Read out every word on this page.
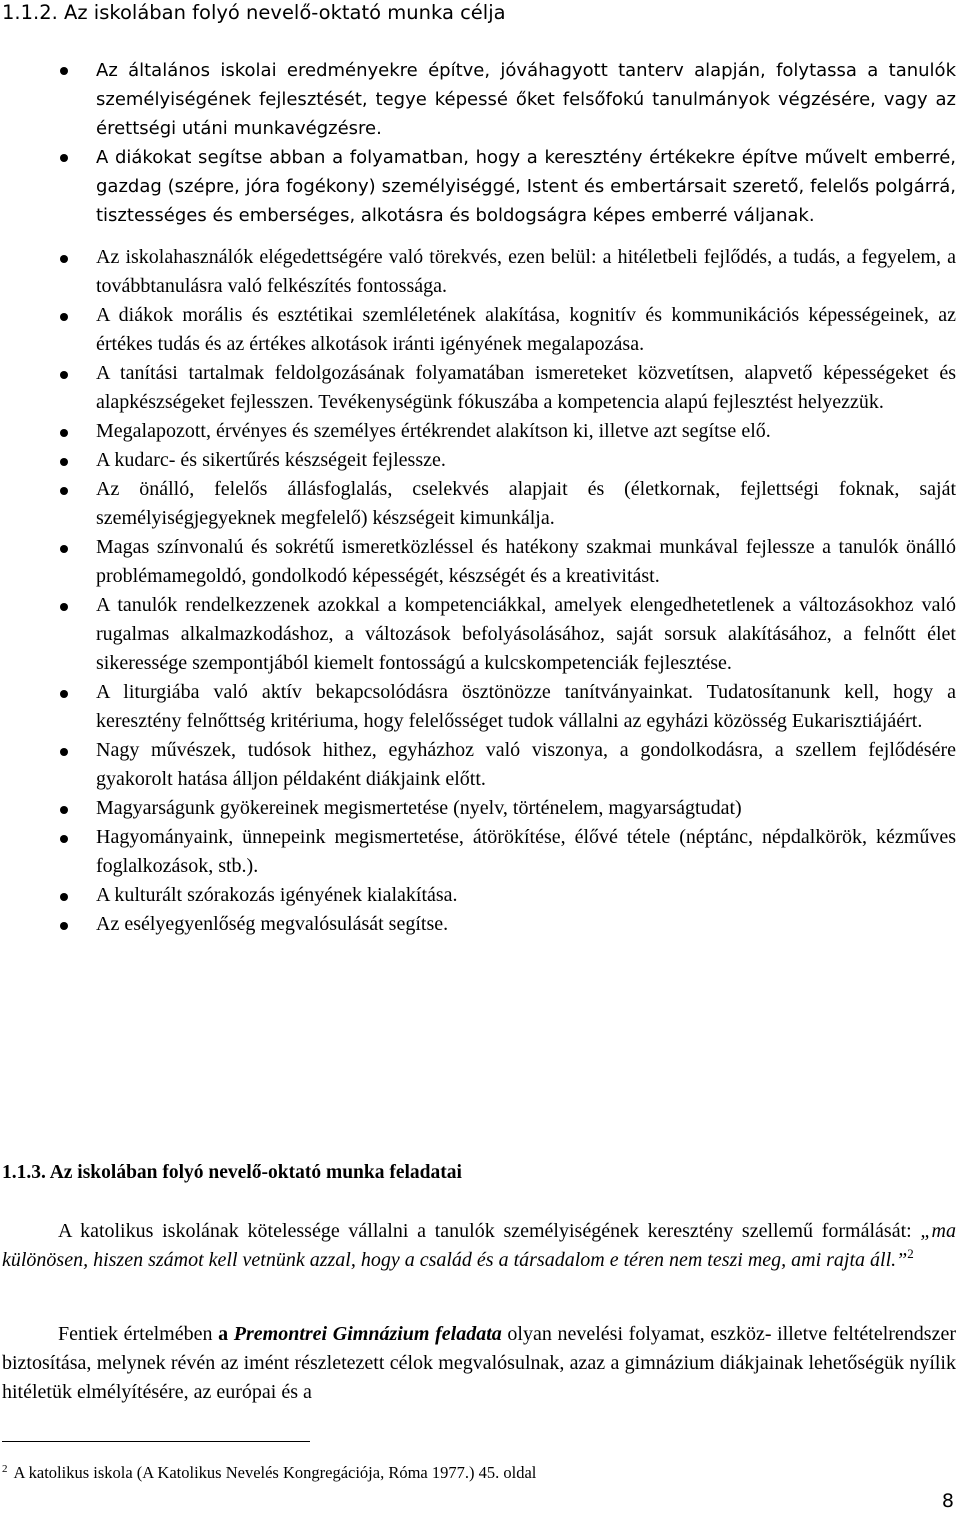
1.1.2. Az iskolában folyó nevelő-oktató munka célja
Az általános iskolai eredményekre építve, jóváhagyott tanterv alapján, folytassa a tanulók személyiségének fejlesztését, tegye képessé őket felsőfokú tanulmányok végzésére, vagy az érettségi utáni munkavégzésre.
A diákokat segítse abban a folyamatban, hogy a keresztény értékekre építve művelt emberré, gazdag (szépre, jóra fogékony) személyiséggé, Istent és embertársait szerető, felelős polgárrá, tisztességes és emberséges, alkotásra és boldogságra képes emberré váljanak.
Az iskolahasználók elégedettségére való törekvés, ezen belül: a hitéletbeli fejlődés, a tudás, a fegyelem, a továbbtanulásra való felkészítés fontossága.
A diákok morális és esztétikai szemléletének alakítása, kognitív és kommunikációs képességeinek, az értékes tudás és az értékes alkotások iránti igényének megalapozása.
A tanítási tartalmak feldolgozásának folyamatában ismereteket közvetítsen, alapvető képességeket és alapkészségeket fejlesszen. Tevékenységünk fókuszába a kompetencia alapú fejlesztést helyezzük.
Megalapozott, érvényes és személyes értékrendet alakítson ki, illetve azt segítse elő.
A kudarc- és sikertűrés készségeit fejlessze.
Az önálló, felelős állásfoglalás, cselekvés alapjait és (életkornak, fejlettségi foknak, saját személyiségjegyeknek megfelelő) készségeit kimunkálja.
Magas színvonalú és sokrétű ismeretközléssel és hatékony szakmai munkával fejlessze a tanulók önálló problémamegoldó, gondolkodó képességét, készségét és a kreativitást.
A tanulók rendelkezzenek azokkal a kompetenciákkal, amelyek elengedhetetlenek a változásokhoz való rugalmas alkalmazkodáshoz, a változások befolyásolásához, saját sorsuk alakításához, a felnőtt élet sikeressége szempontjából kiemelt fontosságú a kulcskompetenciák fejlesztése.
A liturgiába való aktív bekapcsolódásra ösztönözze tanítványainkat. Tudatosítanunk kell, hogy a keresztény felnőttség kritériuma, hogy felelősséget tudok vállalni az egyházi közösség Eukarisztiájáért.
Nagy művészek, tudósok hithez, egyházhoz való viszonya, a gondolkodásra, a szellem fejlődésére gyakorolt hatása álljon példaként diákjaink előtt.
Magyarságunk gyökereinek megismertetése (nyelv, történelem, magyarságtudat)
Hagyományaink, ünnepeink megismertetése, átörökítése, élővé tétele (néptánc, népdalkörök, kézműves foglalkozások, stb.).
A kulturált szórakozás igényének kialakítása.
Az esélyegyenlőség megvalósulását segítse.
1.1.3. Az iskolában folyó nevelő-oktató munka feladatai
A katolikus iskolának kötelessége vállalni a tanulók személyiségének keresztény szellemű formálását: „ma különösen, hiszen számot kell vetnünk azzal, hogy a család és a társadalom e téren nem teszi meg, ami rajta áll.”$^2$
Fentiek értelmében a Premontrei Gimnázium feladata olyan nevelési folyamat, eszköz- illetve feltételrendszer biztosítása, melynek révén az imént részletezett célok megvalósulnak, azaz a gimnázium diákjainak lehetőségük nyílik hitéletük elmélyítésére, az európai és a
$^2$ A katolikus iskola (A Katolikus Nevelés Kongregációja, Róma 1977.) 45. oldal
8
